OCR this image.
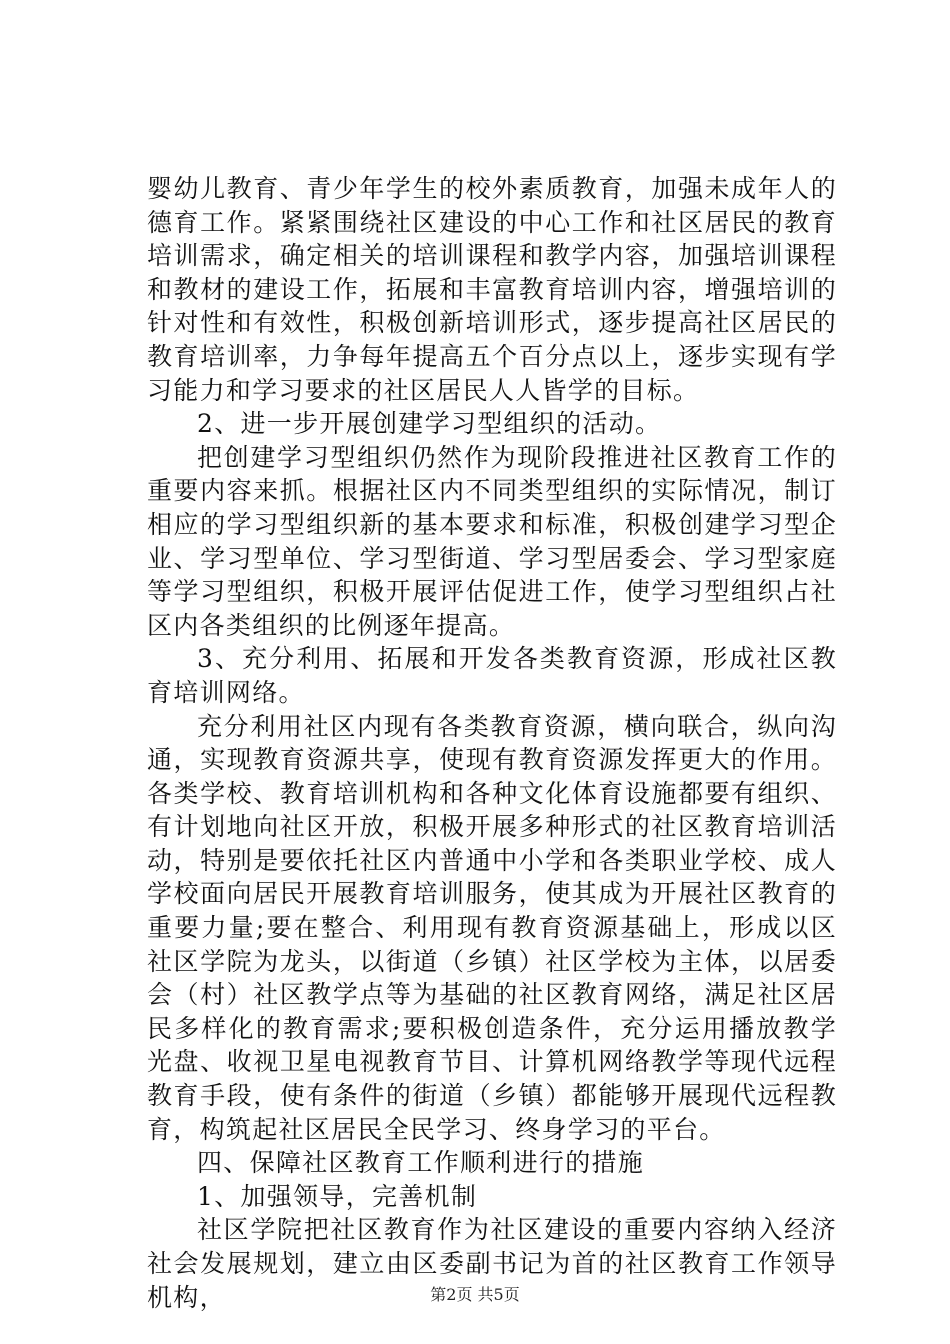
婴幼儿教育、青少年学生的校外素质教育，加强未成年人的德育工作。紧紧围绕社区建设的中心工作和社区居民的教育培训需求，确定相关的培训课程和教学内容，加强培训课程和教材的建设工作，拓展和丰富教育培训内容，增强培训的针对性和有效性，积极创新培训形式，逐步提高社区居民的教育培训率，力争每年提高五个百分点以上，逐步实现有学习能力和学习要求的社区居民人人皆学的目标。

2、进一步开展创建学习型组织的活动。

把创建学习型组织仍然作为现阶段推进社区教育工作的重要内容来抓。根据社区内不同类型组织的实际情况，制订相应的学习型组织新的基本要求和标准，积极创建学习型企业、学习型单位、学习型街道、学习型居委会、学习型家庭等学习型组织，积极开展评估促进工作，使学习型组织占社区内各类组织的比例逐年提高。

3、充分利用、拓展和开发各类教育资源，形成社区教育培训网络。

充分利用社区内现有各类教育资源，横向联合，纵向沟通，实现教育资源共享，使现有教育资源发挥更大的作用。各类学校、教育培训机构和各种文化体育设施都要有组织、有计划地向社区开放，积极开展多种形式的社区教育培训活动，特别是要依托社区内普通中小学和各类职业学校、成人学校面向居民开展教育培训服务，使其成为开展社区教育的重要力量;要在整合、利用现有教育资源基础上，形成以区社区学院为龙头，以街道（乡镇）社区学校为主体，以居委会（村）社区教学点等为基础的社区教育网络，满足社区居民多样化的教育需求;要积极创造条件，充分运用播放教学光盘、收视卫星电视教育节目、计算机网络教学等现代远程教育手段，使有条件的街道（乡镇）都能够开展现代远程教育，构筑起社区居民全民学习、终身学习的平台。

四、保障社区教育工作顺利进行的措施

1、加强领导，完善机制

社区学院把社区教育作为社区建设的重要内容纳入经济社会发展规划，建立由区委副书记为首的社区教育工作领导机构，	第2页 共5页
